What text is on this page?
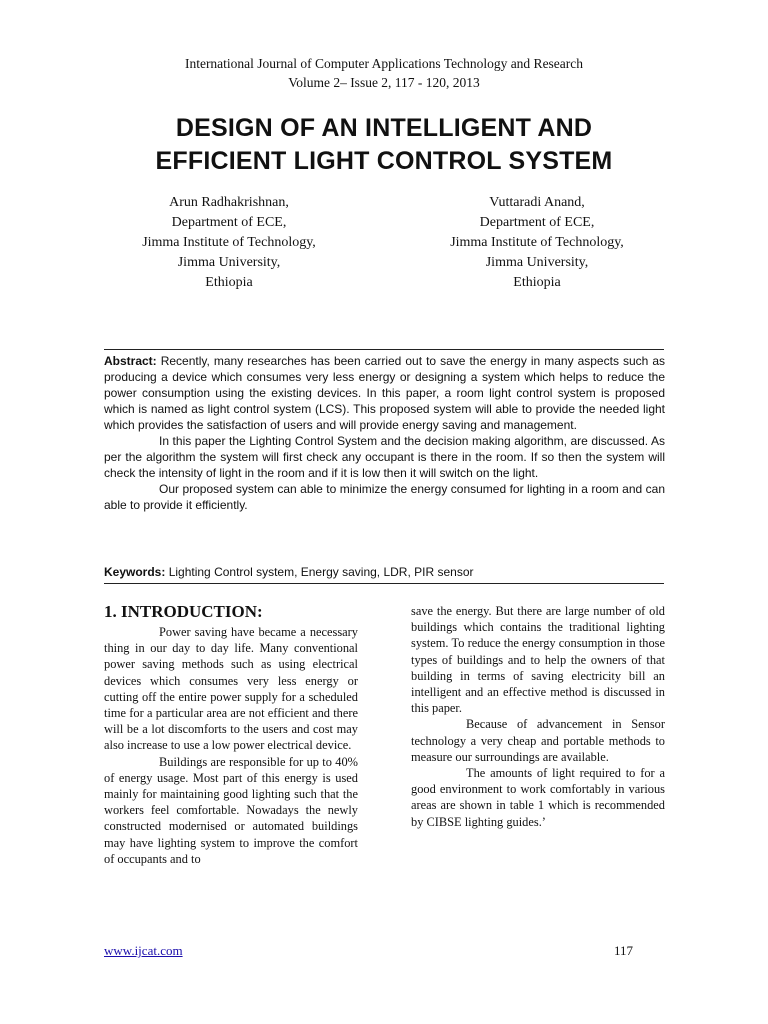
International Journal of Computer Applications Technology and Research
Volume 2– Issue 2, 117 - 120, 2013
DESIGN OF AN INTELLIGENT AND
EFFICIENT LIGHT CONTROL SYSTEM
Arun Radhakrishnan,
Department of ECE,
Jimma Institute of Technology,
Jimma University,
Ethiopia
Vuttaradi Anand,
Department of ECE,
Jimma Institute of Technology,
Jimma University,
Ethiopia

Abstract: Recently, many researches has been carried out to save the energy in many aspects such as producing a device which consumes very less energy or designing a system which helps to reduce the power consumption using the existing devices. In this paper, a room light control system is proposed which is named as light control system (LCS). This proposed system will able to provide the needed light which provides the satisfaction of users and will provide energy saving and management.

In this paper the Lighting Control System and the decision making algorithm, are discussed. As per the algorithm the system will first check any occupant is there in the room. If so then the system will check the intensity of light in the room and if it is low then it will switch on the light.

Our proposed system can able to minimize the energy consumed for lighting in a room and can able to provide it efficiently.

Keywords: Lighting Control system, Energy saving, LDR, PIR sensor
1. INTRODUCTION:

Power saving have became a necessary thing in our day to day life. Many conventional power saving methods such as using electrical devices which consumes very less energy or cutting off the entire power supply for a scheduled time for a particular area are not efficient and there will be a lot discomforts to the users and cost may also increase to use a low power electrical device.

Buildings are responsible for up to 40% of energy usage. Most part of this energy is used mainly for maintaining good lighting such that the workers feel comfortable. Nowadays the newly constructed modernised or automated buildings may have lighting system to improve the comfort of occupants and to

save the energy. But there are large number of old buildings which contains the traditional lighting system. To reduce the energy consumption in those types of buildings and to help the owners of that building in terms of saving electricity bill an intelligent and an effective method is discussed in this paper.

Because of advancement in Sensor technology a very cheap and portable methods to measure our surroundings are available.

The amounts of light required to for a good environment to work comfortably in various areas are shown in table 1 which is recommended by CIBSE lighting guides.’

www.ijcat.com	117
